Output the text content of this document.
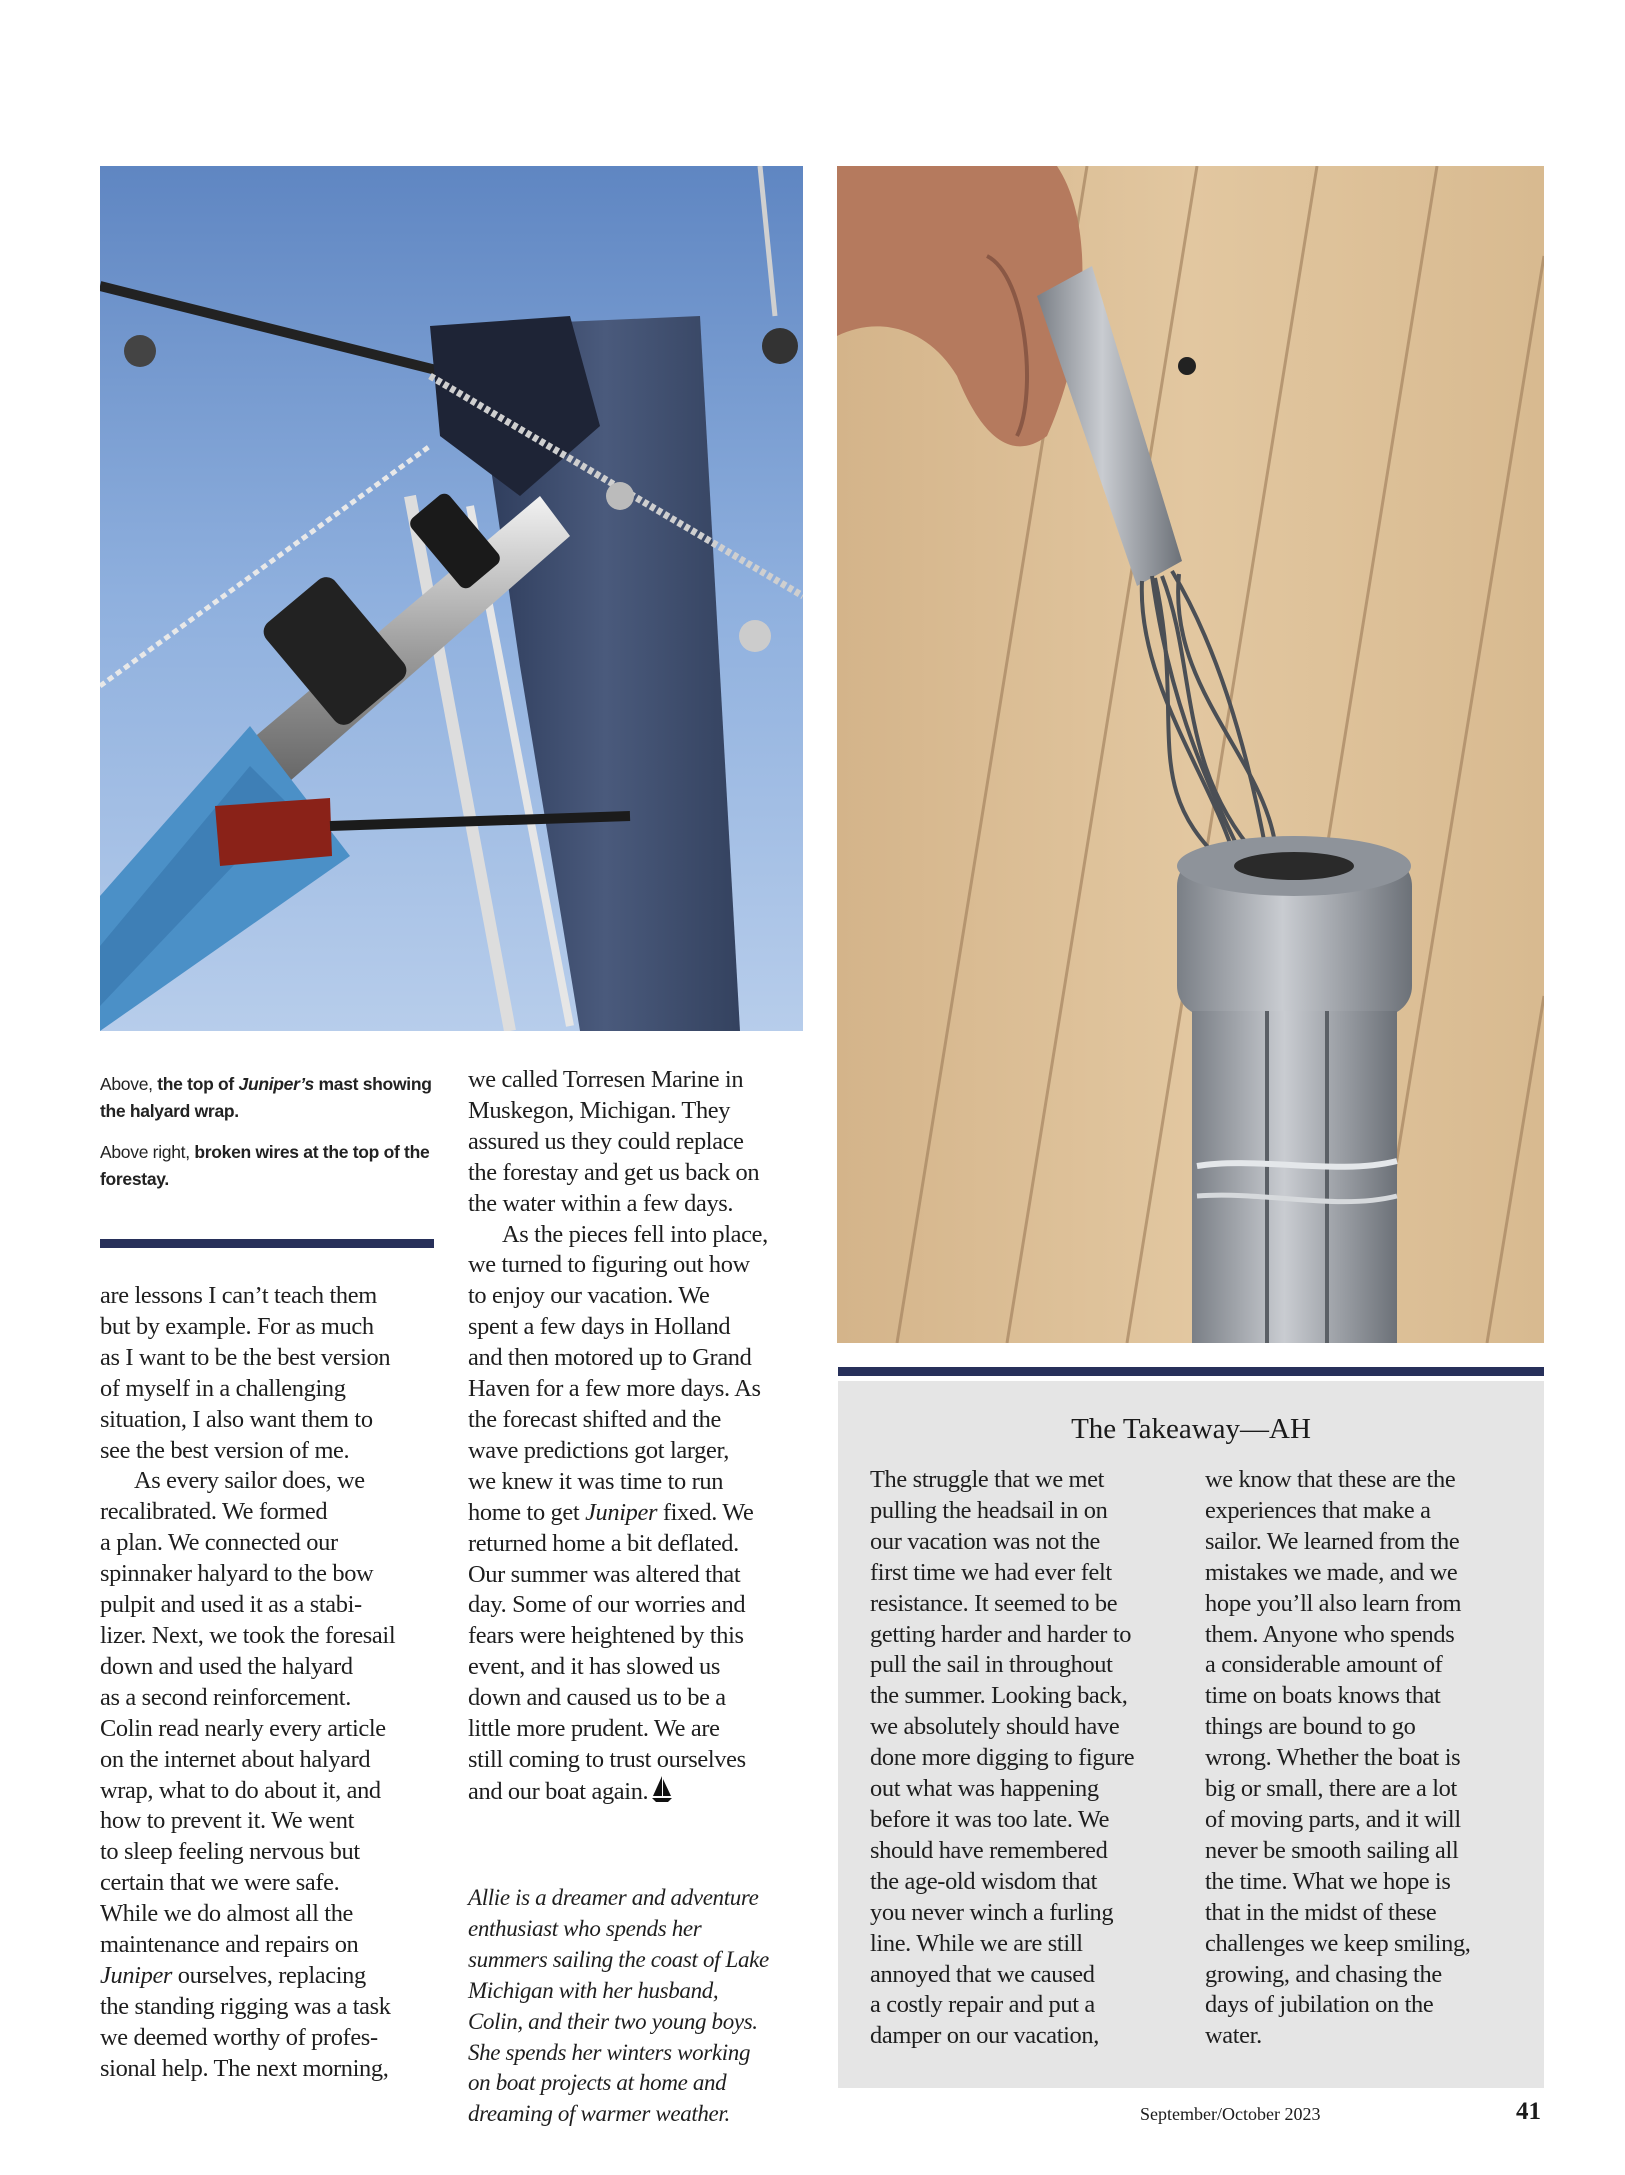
Above, the top of Juniper’s mast showing the halyard wrap.

Above right, broken wires at the top of the forestay.

are lessons I can’t teach them
but by example. For as much
as I want to be the best version
of myself in a challenging
situation, I also want them to
see the best version of me.
As every sailor does, we
recalibrated. We formed
a plan. We connected our
spinnaker halyard to the bow
pulpit and used it as a stabi-
lizer. Next, we took the foresail
down and used the halyard
as a second reinforcement.
Colin read nearly every article
on the internet about halyard
wrap, what to do about it, and
how to prevent it. We went
to sleep feeling nervous but
certain that we were safe.
While we do almost all the
maintenance and repairs on
Juniper ourselves, replacing
the standing rigging was a task
we deemed worthy of profes-
sional help. The next morning,
we called Torresen Marine in
Muskegon, Michigan. They
assured us they could replace
the forestay and get us back on
the water within a few days.
As the pieces fell into place,
we turned to figuring out how
to enjoy our vacation. We
spent a few days in Holland
and then motored up to Grand
Haven for a few more days. As
the forecast shifted and the
wave predictions got larger,
we knew it was time to run
home to get Juniper fixed. We
returned home a bit deflated.
Our summer was altered that
day. Some of our worries and
fears were heightened by this
event, and it has slowed us
down and caused us to be a
little more prudent. We are
still coming to trust ourselves
and our boat again.
Allie is a dreamer and adventure
enthusiast who spends her
summers sailing the coast of Lake
Michigan with her husband,
Colin, and their two young boys.
She spends her winters working
on boat projects at home and
dreaming of warmer weather.
The Takeaway—AH
The struggle that we met
pulling the headsail in on
our vacation was not the
first time we had ever felt
resistance. It seemed to be
getting harder and harder to
pull the sail in throughout
the summer. Looking back,
we absolutely should have
done more digging to figure
out what was happening
before it was too late. We
should have remembered
the age-old wisdom that
you never winch a furling
line. While we are still
annoyed that we caused
a costly repair and put a
damper on our vacation,
we know that these are the
experiences that make a
sailor. We learned from the
mistakes we made, and we
hope you’ll also learn from
them. Anyone who spends
a considerable amount of
time on boats knows that
things are bound to go
wrong. Whether the boat is
big or small, there are a lot
of moving parts, and it will
never be smooth sailing all
the time. What we hope is
that in the midst of these
challenges we keep smiling,
growing, and chasing the
days of jubilation on the
water.
September/October 2023	41
